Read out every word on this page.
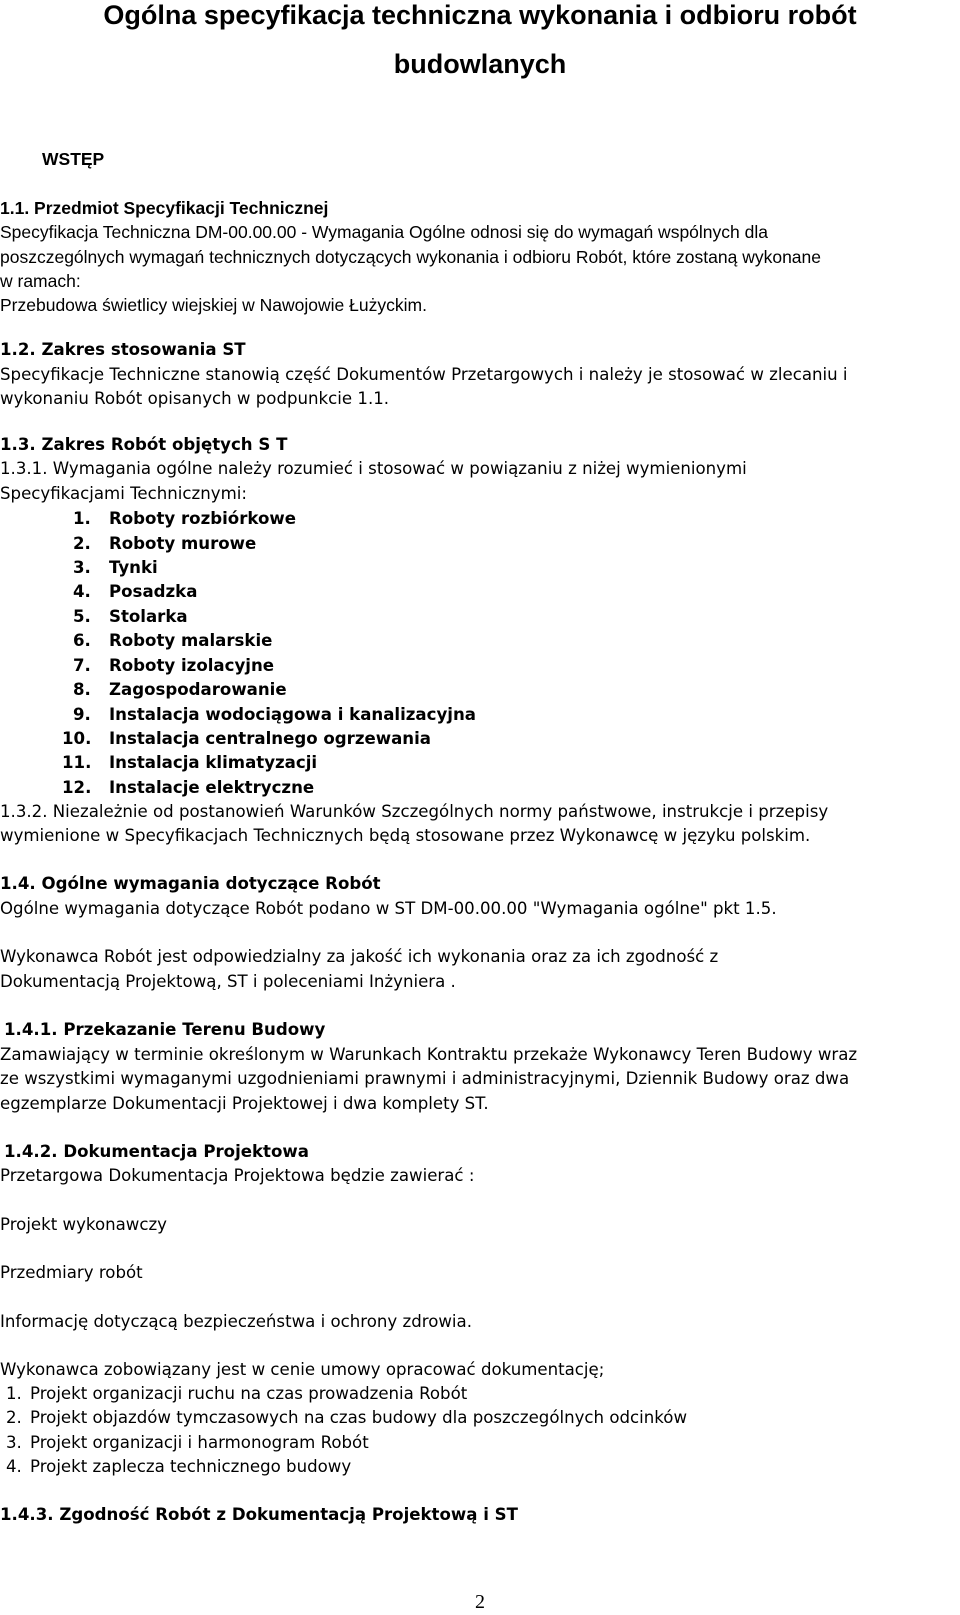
Ogólna specyfikacja techniczna wykonania i odbioru robót
budowlanych
WSTĘP
1.1. Przedmiot Specyfikacji Technicznej
Specyfikacja Techniczna DM-00.00.00 - Wymagania Ogólne odnosi się do wymagań wspólnych dla
poszczególnych wymagań technicznych dotyczących wykonania i odbioru Robót, które zostaną wykonane
w ramach:
Przebudowa świetlicy wiejskiej w Nawojowie Łużyckim.
1.2. Zakres stosowania ST
Specyfikacje Techniczne stanowią część Dokumentów Przetargowych i należy je stosować w zlecaniu i
wykonaniu Robót opisanych w podpunkcie 1.1.
1.3. Zakres Robót objętych S T
1.3.1. Wymagania ogólne należy rozumieć i stosować w powiązaniu z niżej wymienionymi
Specyfikacjami Technicznymi:
1. Roboty rozbiórkowe
2. Roboty murowe
3. Tynki
4. Posadzka
5. Stolarka
6. Roboty malarskie
7. Roboty izolacyjne
8. Zagospodarowanie
9. Instalacja wodociągowa i kanalizacyjna
10. Instalacja centralnego ogrzewania
11. Instalacja klimatyzacji
12. Instalacje elektryczne
1.3.2. Niezależnie od postanowień Warunków Szczególnych normy państwowe, instrukcje i przepisy
wymienione w Specyfikacjach Technicznych będą stosowane przez Wykonawcę w języku polskim.
1.4. Ogólne wymagania dotyczące Robót
Ogólne wymagania dotyczące Robót podano w ST DM-00.00.00 "Wymagania ogólne" pkt 1.5.
Wykonawca Robót jest odpowiedzialny za jakość ich wykonania oraz za ich zgodność z
Dokumentacją Projektową, ST i poleceniami Inżyniera .
1.4.1. Przekazanie Terenu Budowy
Zamawiający w terminie określonym w Warunkach Kontraktu przekaże Wykonawcy Teren Budowy wraz
ze wszystkimi wymaganymi uzgodnieniami prawnymi i administracyjnymi, Dziennik Budowy oraz dwa
egzemplarze Dokumentacji Projektowej i dwa komplety ST.
1.4.2. Dokumentacja Projektowa
Przetargowa Dokumentacja Projektowa będzie zawierać :
Projekt wykonawczy
Przedmiary robót
Informację dotyczącą bezpieczeństwa i ochrony zdrowia.
Wykonawca zobowiązany jest w cenie umowy opracować dokumentację;
1. Projekt organizacji ruchu na czas prowadzenia Robót
2. Projekt objazdów tymczasowych na czas budowy dla poszczególnych odcinków
3. Projekt organizacji i harmonogram Robót
4. Projekt zaplecza technicznego budowy
1.4.3. Zgodność Robót z Dokumentacją Projektową i ST
2
